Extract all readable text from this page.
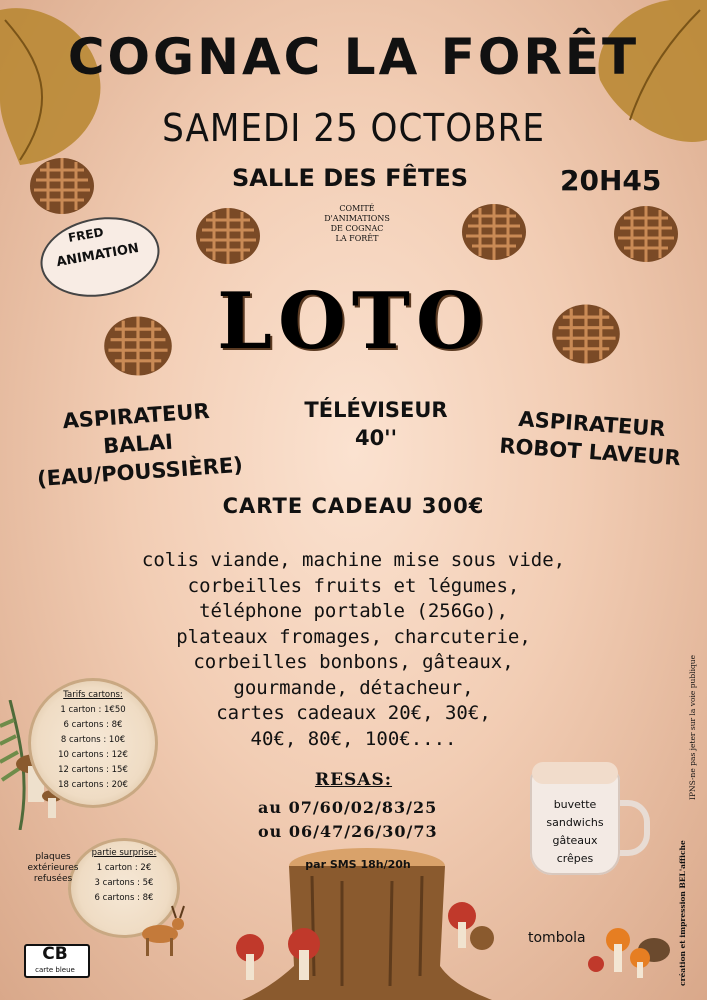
COGNAC LA FORÊT
SAMEDI 25 OCTOBRE
SALLE DES FÊTES	20H45
FRED
ANIMATION
COMITÉ
D'ANIMATIONS
DE COGNAC
LA FORÊT
LOTO
ASPIRATEUR BALAI
(EAU/POUSSIÈRE)
TÉLÉVISEUR
40''	ASPIRATEUR
ROBOT LAVEUR
CARTE CADEAU 300€
colis viande, machine mise sous vide,
corbeilles fruits et légumes,
téléphone portable (256Go),
plateaux fromages, charcuterie,
corbeilles bonbons, gâteaux,
gourmande, détacheur,
cartes cadeaux 20€, 30€,
40€, 80€, 100€....
RESAS:
au 07/60/02/83/25
ou 06/47/26/30/73
par SMS 18h/20h
Tarifs cartons:
1 carton : 1€50
6 cartons : 8€
8 cartons : 10€
10 cartons : 12€
12 cartons : 15€
18 cartons : 20€
partie surprise:
1 carton : 2€
3 cartons : 5€
6 cartons : 8€
plaques
extérieures
refusées
buvette
sandwichs
gâteaux
crêpes
tombola
CB
carte bleue	création et impression BEL'affiche
IPNS-ne pas jeter sur la voie publique
